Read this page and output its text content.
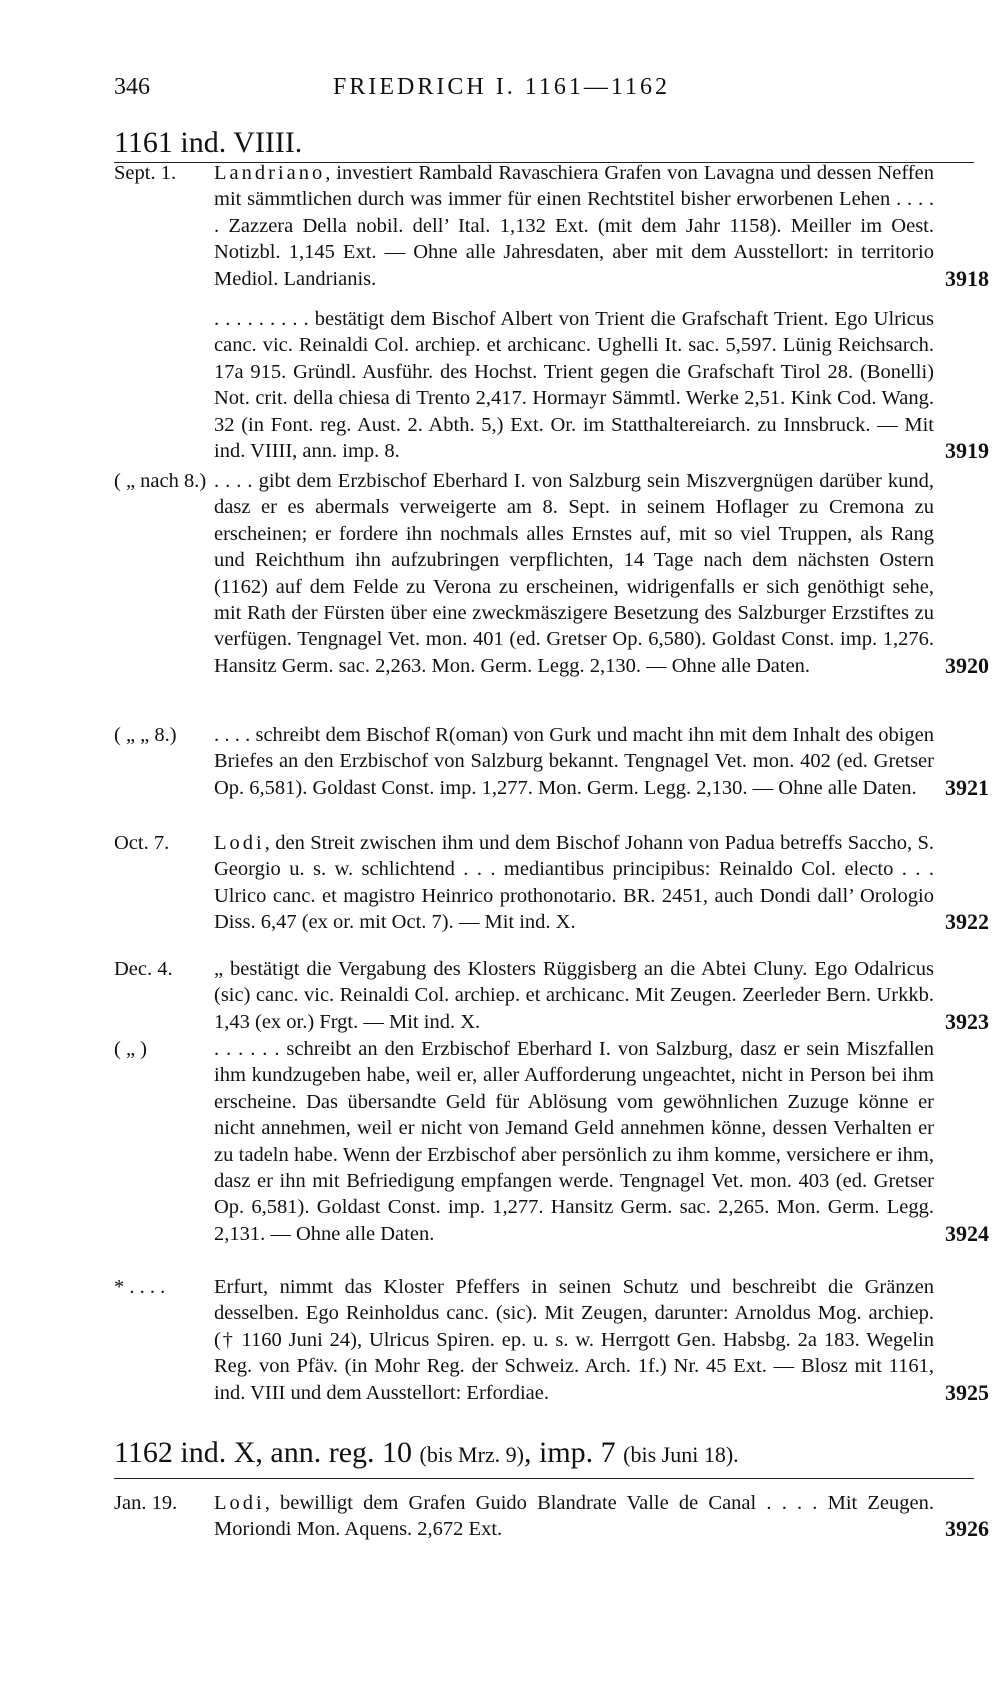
346	FRIEDRICH I. 1161—1162
1161 ind. VIIII.
Sept. 1. Landriano, investiert Rambald Ravaschiera Grafen von Lavagna und dessen Neffen mit sämmtlichen durch was immer für einen Rechtstitel bisher erworbenen Lehen . . . . . Zazzera Della nobil. dell’ Ital. 1,132 Ext. (mit dem Jahr 1158). Meiller im Oest. Notizbl. 1,145 Ext. — Ohne alle Jahresdaten, aber mit dem Ausstellort: in territorio Mediol. Landrianis.	3918
. . . . . . . . . bestätigt dem Bischof Albert von Trient die Grafschaft Trient. Ego Ulricus canc. vic. Reinaldi Col. archiep. et archicanc. Ughelli It. sac. 5,597. Lünig Reichsarch. 17a 915. Gründl. Ausführ. des Hochst. Trient gegen die Grafschaft Tirol 28. (Bonelli) Not. crit. della chiesa di Trento 2,417. Hormayr Sämmtl. Werke 2,51. Kink Cod. Wang. 32 (in Font. reg. Aust. 2. Abth. 5,) Ext. Or. im Statthaltereiarch. zu Innsbruck. — Mit ind. VIIII, ann. imp. 8.	3919
( „ nach 8.) . . . . gibt dem Erzbischof Eberhard I. von Salzburg sein Miszvergnügen darüber kund, dasz er es abermals verweigerte am 8. Sept. in seinem Hoflager zu Cremona zu erscheinen; er fordere ihn nochmals alles Ernstes auf, mit so viel Truppen, als Rang und Reichthum ihn aufzubringen verpflichten, 14 Tage nach dem nächsten Ostern (1162) auf dem Felde zu Verona zu erscheinen, widrigenfalls er sich genöthigt sehe, mit Rath der Fürsten über eine zweckmäszigere Besetzung des Salzburger Erzstiftes zu verfügen. Tengnagel Vet. mon. 401 (ed. Gretser Op. 6,580). Goldast Const. imp. 1,276. Hansitz Germ. sac. 2,263. Mon. Germ. Legg. 2,130. — Ohne alle Daten.	3920
( „ „ 8.) . . . . schreibt dem Bischof R(oman) von Gurk und macht ihn mit dem Inhalt des obigen Briefes an den Erzbischof von Salzburg bekannt. Tengnagel Vet. mon. 402 (ed. Gretser Op. 6,581). Goldast Const. imp. 1,277. Mon. Germ. Legg. 2,130. — Ohne alle Daten.	3921
Oct. 7. Lodi, den Streit zwischen ihm und dem Bischof Johann von Padua betreffs Saccho, S. Georgio u. s. w. schlichtend . . . mediantibus principibus: Reinaldo Col. electo . . . Ulrico canc. et magistro Heinrico prothonotario. BR. 2451, auch Dondi dall’ Orologio Diss. 6,47 (ex or. mit Oct. 7). — Mit ind. X.	3922
Dec. 4. „ bestätigt die Vergabung des Klosters Rüggisberg an die Abtei Cluny. Ego Odalricus (sic) canc. vic. Reinaldi Col. archiep. et archicanc. Mit Zeugen. Zeerleder Bern. Urkkb. 1,43 (ex or.) Frgt. — Mit ind. X.	3923
( „ )	. . . . . . schreibt an den Erzbischof Eberhard I. von Salzburg, dasz er sein Miszfallen ihm kundzugeben habe, weil er, aller Aufforderung ungeachtet, nicht in Person bei ihm erscheine. Das übersandte Geld für Ablösung vom gewöhnlichen Zuzuge könne er nicht annehmen, weil er nicht von Jemand Geld annehmen könne, dessen Verhalten er zu tadeln habe. Wenn der Erzbischof aber persönlich zu ihm komme, versichere er ihm, dasz er ihn mit Befriedigung empfangen werde. Tengnagel Vet. mon. 403 (ed. Gretser Op. 6,581). Goldast Const. imp. 1,277. Hansitz Germ. sac. 2,265. Mon. Germ. Legg. 2,131. — Ohne alle Daten.	3924
* . . . . Erfurt, nimmt das Kloster Pfeffers in seinen Schutz und beschreibt die Gränzen desselben. Ego Reinholdus canc. (sic). Mit Zeugen, darunter: Arnoldus Mog. archiep. († 1160 Juni 24), Ulricus Spiren. ep. u. s. w. Herrgott Gen. Habsbg. 2a 183. Wegelin Reg. von Pfäv. (in Mohr Reg. der Schweiz. Arch. 1f.) Nr. 45 Ext. — Blosz mit 1161, ind. VIII und dem Ausstellort: Erfordiae.	3925
1162 ind. X, ann. reg. 10 (bis Mrz. 9), imp. 7 (bis Juni 18).
Jan. 19. Lodi, bewilligt dem Grafen Guido Blandrate Valle de Canal . . . . Mit Zeugen. Moriondi Mon. Aquens. 2,672 Ext.	3926
